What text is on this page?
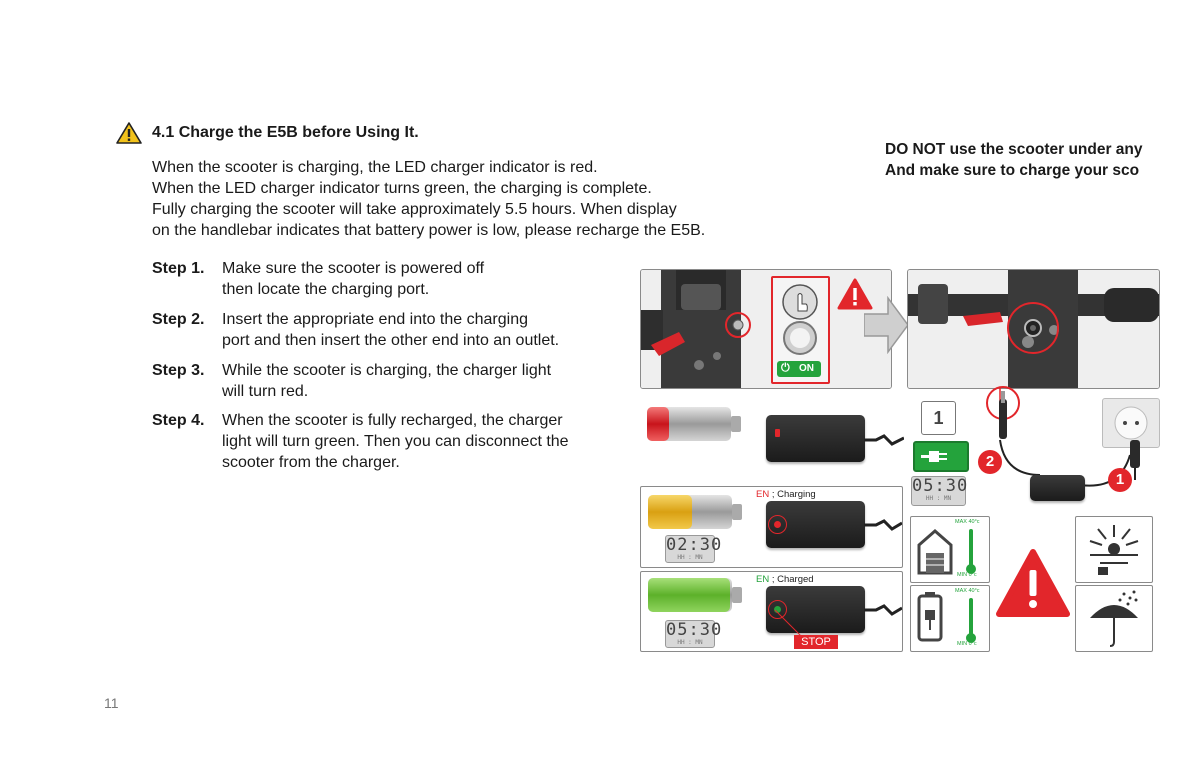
4.1 Charge the E5B before Using It.
When the scooter is charging, the LED charger indicator is red.
When the LED charger indicator turns green, the charging is complete.
Fully charging the scooter will take approximately 5.5 hours. When display
on the handlebar indicates that battery power is low, please recharge the E5B.
DO NOT use the scooter under any
And make sure to charge your sco
Step 1. Make sure the scooter is powered off
then locate the charging port.
Step 2. Insert the appropriate end into the charging
port and then insert the other end into an outlet.
Step 3. While the scooter is charging, the charger light
will turn red.
Step 4. When the scooter is fully recharged, the charger
light will turn green. Then you can disconnect the
scooter from the charger.
11
⏻ ON
2
1
1
05:30
HH : MN
02:30
HH : MN
EN ; Charging
05:30
HH : MN
EN ; Charged
STOP
MAX 40°c
MIN 0°c
MAX 40°c
MIN 0°c
